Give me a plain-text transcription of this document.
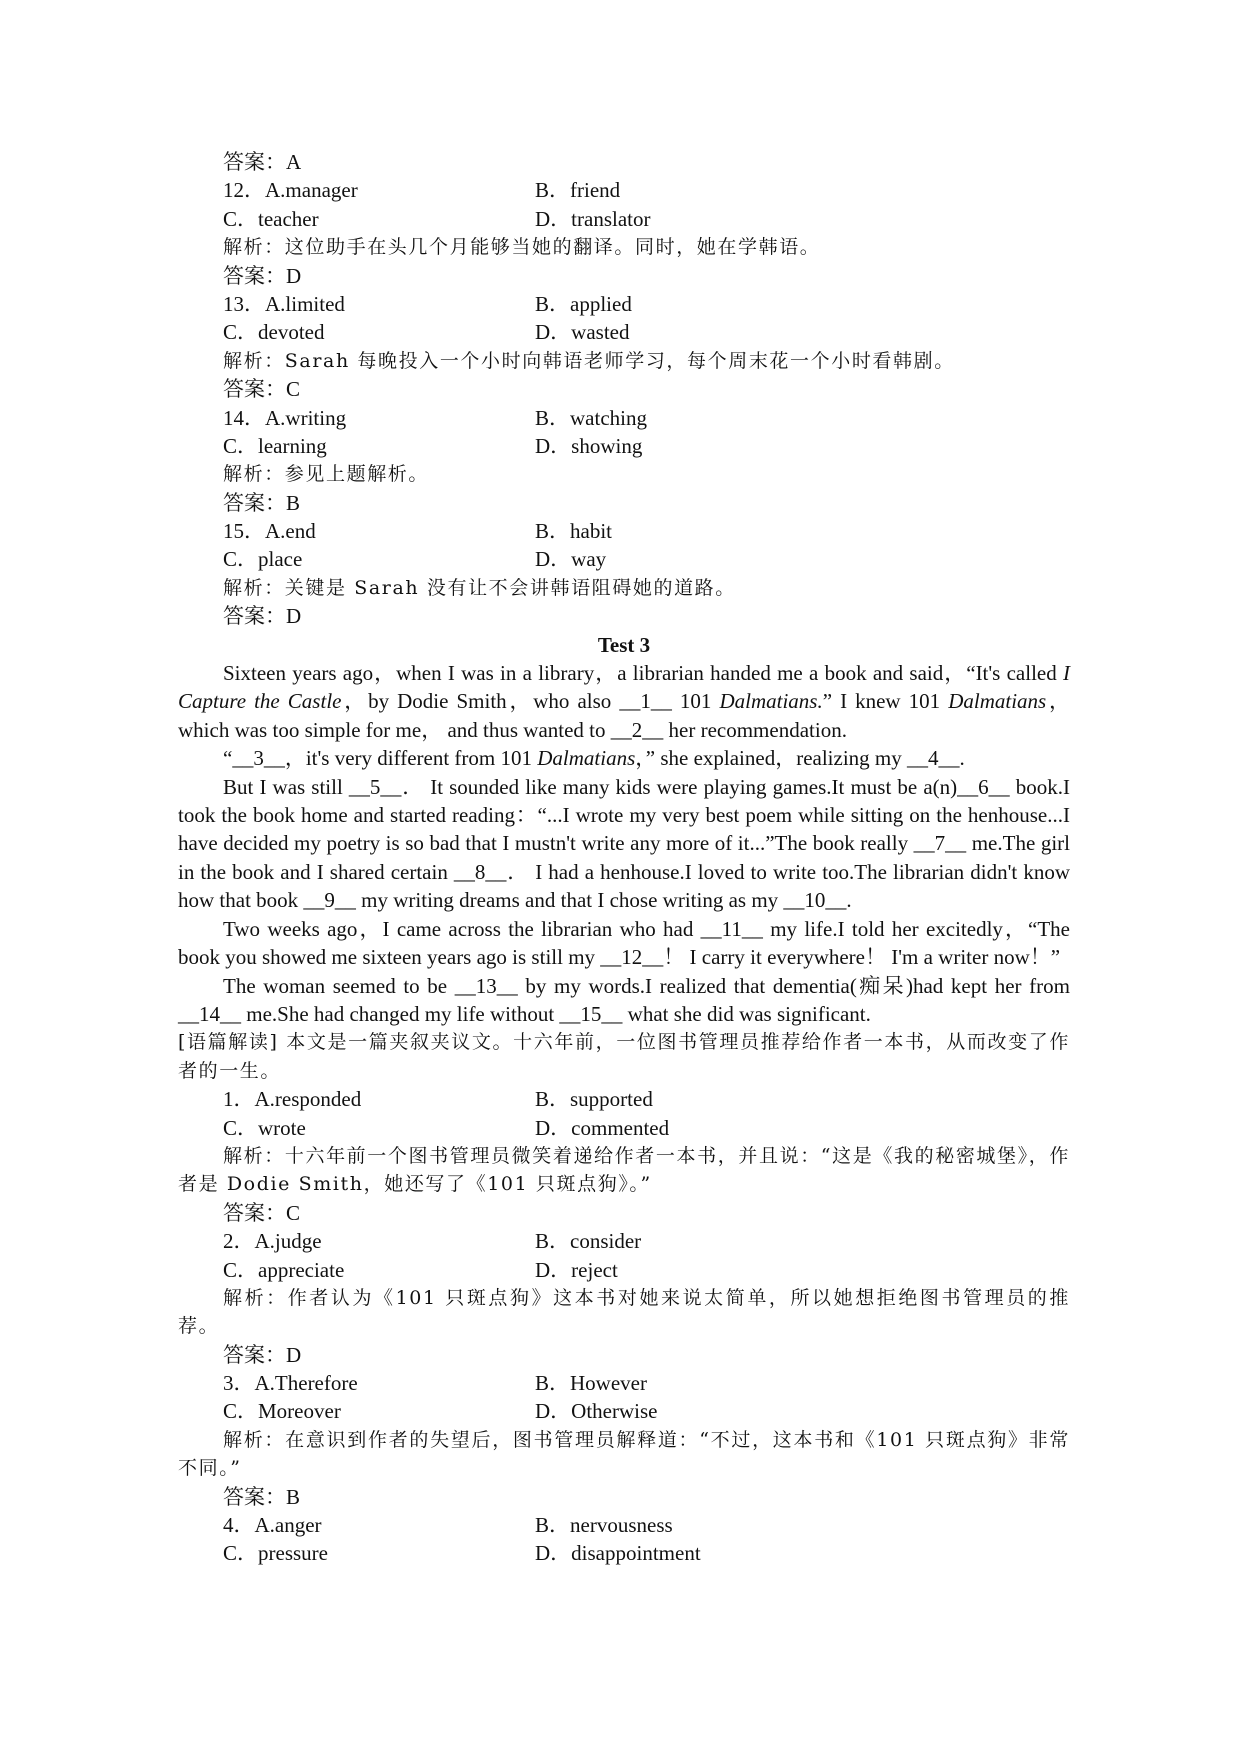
答案：A
12．A.manager	B．friend
C．teacher	D．translator
解析：这位助手在头几个月能够当她的翻译。同时，她在学韩语。
答案：D
13．A.limited	B．applied
C．devoted	D．wasted
解析：Sarah 每晚投入一个小时向韩语老师学习，每个周末花一个小时看韩剧。
答案：C
14．A.writing	B．watching
C．learning	D．showing
解析：参见上题解析。
答案：B
15．A.end	B．habit
C．place	D．way
解析：关键是 Sarah 没有让不会讲韩语阻碍她的道路。
答案：D
Test 3
Sixteen years ago，when I was in a library，a librarian handed me a book and said，“It's called I Capture the Castle，by Dodie Smith，who also __1__ 101 Dalmatians.” I knew 101 Dalmatians，which was too simple for me， and thus wanted to __2__ her recommendation.
“__3__，it's very different from 101 Dalmatians，” she explained，realizing my __4__.
But I was still __5__． It sounded like many kids were playing games.It must be a(n)__6__ book.I took the book home and started reading：“...I wrote my very best poem while sitting on the henhouse...I have decided my poetry is so bad that I mustn't write any more of it...”The book really __7__ me.The girl in the book and I shared certain __8__． I had a henhouse.I loved to write too.The librarian didn't know how that book __9__ my writing dreams and that I chose writing as my __10__.
Two weeks ago，I came across the librarian who had __11__ my life.I told her excitedly，“The book you showed me sixteen years ago is still my __12__！ I carry it everywhere！ I'm a writer now！”
The woman seemed to be __13__ by my words.I realized that dementia(痴呆)had kept her from __14__ me.She had changed my life without __15__ what she did was significant.
[语篇解读] 本文是一篇夹叙夹议文。十六年前，一位图书管理员推荐给作者一本书，从而改变了作者的一生。
1．A.responded	B．supported
C．wrote	D．commented
解析：十六年前一个图书管理员微笑着递给作者一本书，并且说：“这是《我的秘密城堡》，作者是 Dodie Smith，她还写了《101 只斑点狗》。”
答案：C
2．A.judge	B．consider
C．appreciate	D．reject
解析：作者认为《101 只斑点狗》这本书对她来说太简单，所以她想拒绝图书管理员的推荐。
答案：D
3．A.Therefore	B．However
C．Moreover	D．Otherwise
解析：在意识到作者的失望后，图书管理员解释道：“不过，这本书和《101 只斑点狗》非常不同。”
答案：B
4．A.anger	B．nervousness
C．pressure	D．disappointment
